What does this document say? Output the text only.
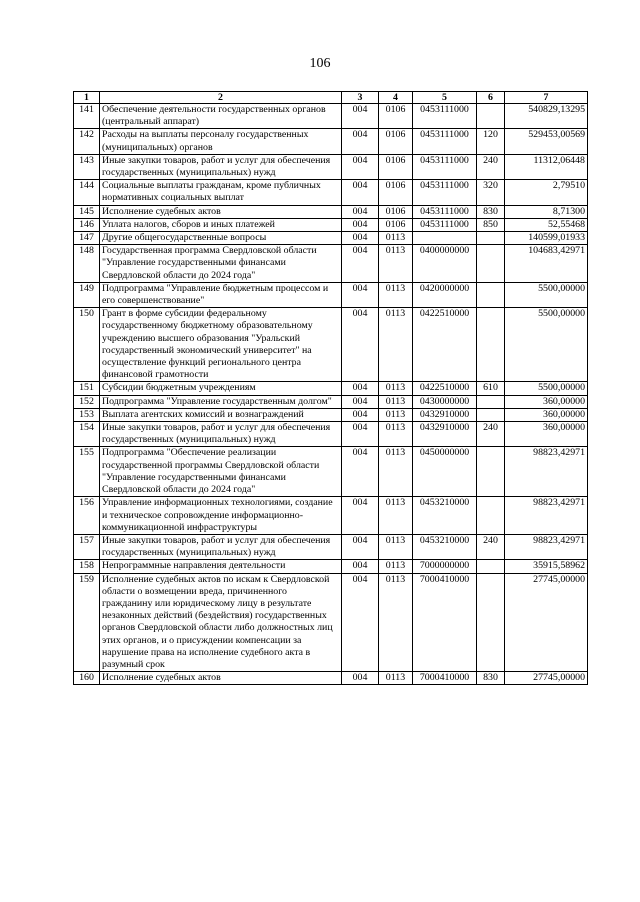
106
1	2	3	4	5	6	7
141	Обеспечение деятельности государственных органов (центральный аппарат)	004	0106	0453111000		540829,13295
142	Расходы на выплаты персоналу государственных (муниципальных) органов	004	0106	0453111000	120	529453,00569
143	Иные закупки товаров, работ и услуг для обеспечения государственных (муниципальных) нужд	004	0106	0453111000	240	11312,06448
144	Социальные выплаты гражданам, кроме публичных нормативных социальных выплат	004	0106	0453111000	320	2,79510
145	Исполнение судебных актов	004	0106	0453111000	830	8,71300
146	Уплата налогов, сборов и иных платежей	004	0106	0453111000	850	52,55468
147	Другие общегосударственные вопросы	004	0113			140599,01933
148	Государственная программа Свердловской области "Управление государственными финансами Свердловской области до 2024 года"	004	0113	0400000000		104683,42971
149	Подпрограмма "Управление бюджетным процессом и его совершенствование"	004	0113	0420000000		5500,00000
150	Грант в форме субсидии федеральному государственному бюджетному образовательному учреждению высшего образования "Уральский государственный экономический университет" на осуществление функций регионального центра финансовой грамотности	004	0113	0422510000		5500,00000
151	Субсидии бюджетным учреждениям	004	0113	0422510000	610	5500,00000
152	Подпрограмма "Управление государственным долгом"	004	0113	0430000000		360,00000
153	Выплата агентских комиссий и вознаграждений	004	0113	0432910000		360,00000
154	Иные закупки товаров, работ и услуг для обеспечения государственных (муниципальных) нужд	004	0113	0432910000	240	360,00000
155	Подпрограмма "Обеспечение реализации государственной программы Свердловской области "Управление государственными финансами Свердловской области до 2024 года"	004	0113	0450000000		98823,42971
156	Управление информационных технологиями, создание и техническое сопровождение информационно-коммуникационной инфраструктуры	004	0113	0453210000		98823,42971
157	Иные закупки товаров, работ и услуг для обеспечения государственных (муниципальных) нужд	004	0113	0453210000	240	98823,42971
158	Непрограммные направления деятельности	004	0113	7000000000		35915,58962
159	Исполнение судебных актов по искам к Свердловской области о возмещении вреда, причиненного гражданину или юридическому лицу в результате незаконных действий (бездействия) государственных органов Свердловской области либо должностных лиц этих органов, и о присуждении компенсации за нарушение права на исполнение судебного акта в разумный срок	004	0113	7000410000		27745,00000
160	Исполнение судебных актов	004	0113	7000410000	830	27745,00000
